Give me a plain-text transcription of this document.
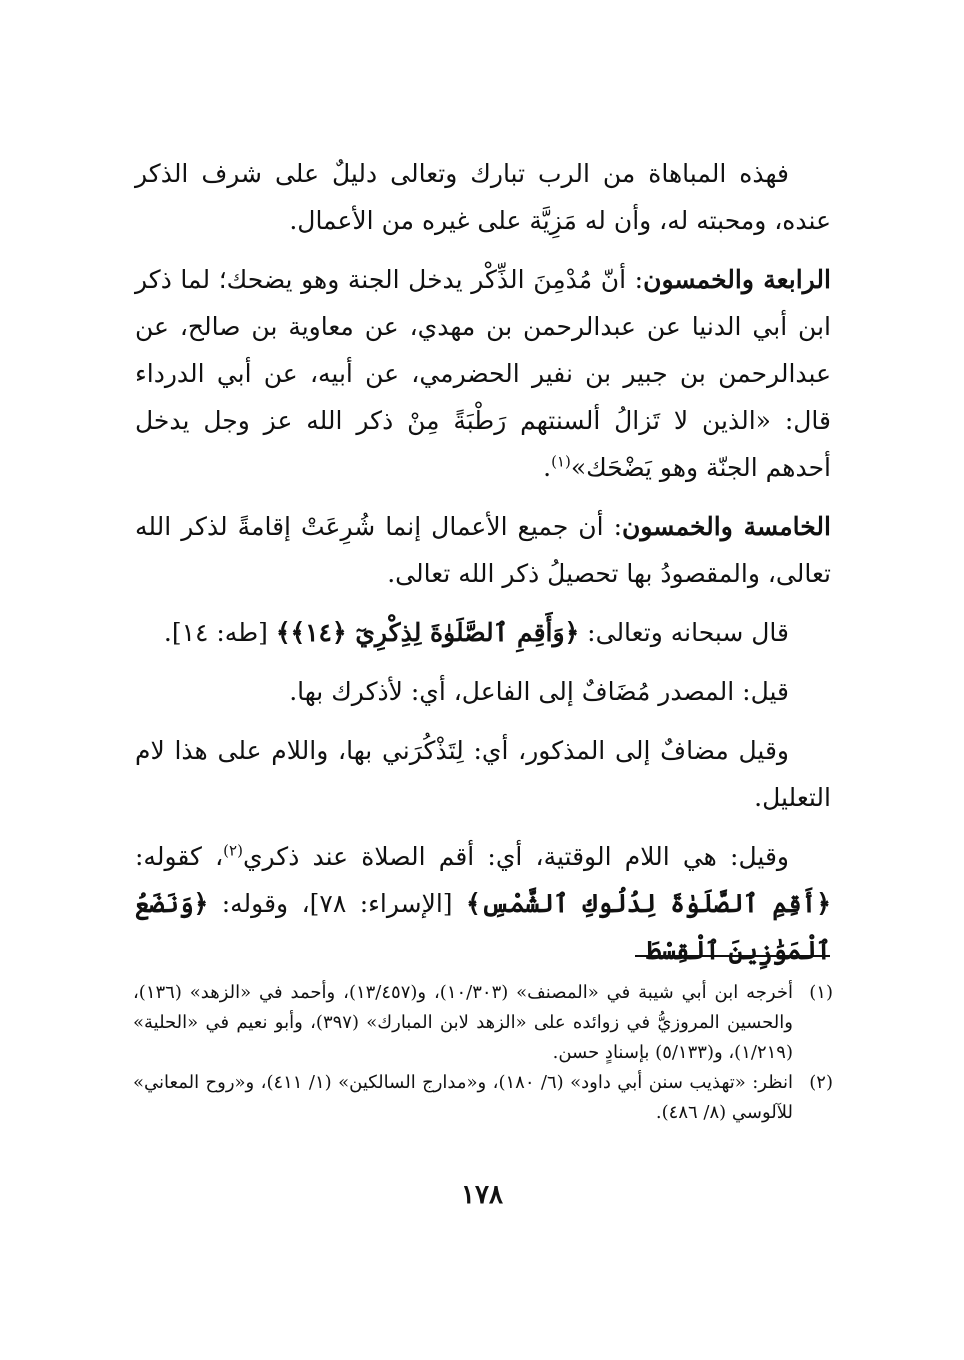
فهذه المباهاة من الرب تبارك وتعالى دليلٌ على شرف الذكر عنده، ومحبته له، وأن له مَزِيَّة على غيره من الأعمال.

الرابعة والخمسون: أنّ مُدْمِنَ الذِّكْر يدخل الجنة وهو يضحك؛ لما ذكر ابن أبي الدنيا عن عبدالرحمن بن مهدي، عن معاوية بن صالح، عن عبدالرحمن بن جبير بن نفير الحضرمي، عن أبيه، عن أبي الدرداء قال: «الذين لا تَزالُ ألسنتهم رَطْبَةً مِنْ ذكر الله عز وجل يدخل أحدهم الجنّة وهو يَضْحَك»$^{(١)}$.

الخامسة والخمسون: أن جميع الأعمال إنما شُرِعَتْ إقامةً لذكر الله تعالى، والمقصودُ بها تحصيلُ ذكر الله تعالى.

قال سبحانه وتعالى: ﴿وَأَقِمِ ٱلصَّلَوٰةَ لِذِكْرِيٓ ﴿١٤﴾﴾ [طه: ١٤].

قيل: المصدر مُضَافٌ إلى الفاعل، أي: لأذكرك بها.

وقيل مضافٌ إلى المذكور، أي: لِتَذْكُرَني بها، واللام على هذا لام التعليل.

وقيل: هي اللام الوقتية، أي: أقم الصلاة عند ذكري$^{(٢)}$، كقوله: ﴿أَقِمِ ٱلصَّلَوٰةَ لِدُلُوكِ ٱلشَّمْسِ﴾ [الإسراء: ٧٨]، وقوله: ﴿وَنَضَعُ ٱلْمَوَٰزِينَ ٱلْقِسْطَ

(١)
أخرجه ابن أبي شيبة في «المصنف» (١٠/٣٠٣)، و(١٣/٤٥٧)، وأحمد في «الزهد» (١٣٦)، والحسين المروزيُّ في زوائده على «الزهد لابن المبارك» (٣٩٧)، وأبو نعيم في «الحلية» (١/٢١٩)، و(٥/١٣٣) بإسنادٍ حسن.
(٢)
انظر: «تهذيب سنن أبي داود» (٦/ ١٨٠)، و«مدارج السالكين» (١/ ٤١١)، و«روح المعاني» للآلوسي (٨/ ٤٨٦).
١٧٨
